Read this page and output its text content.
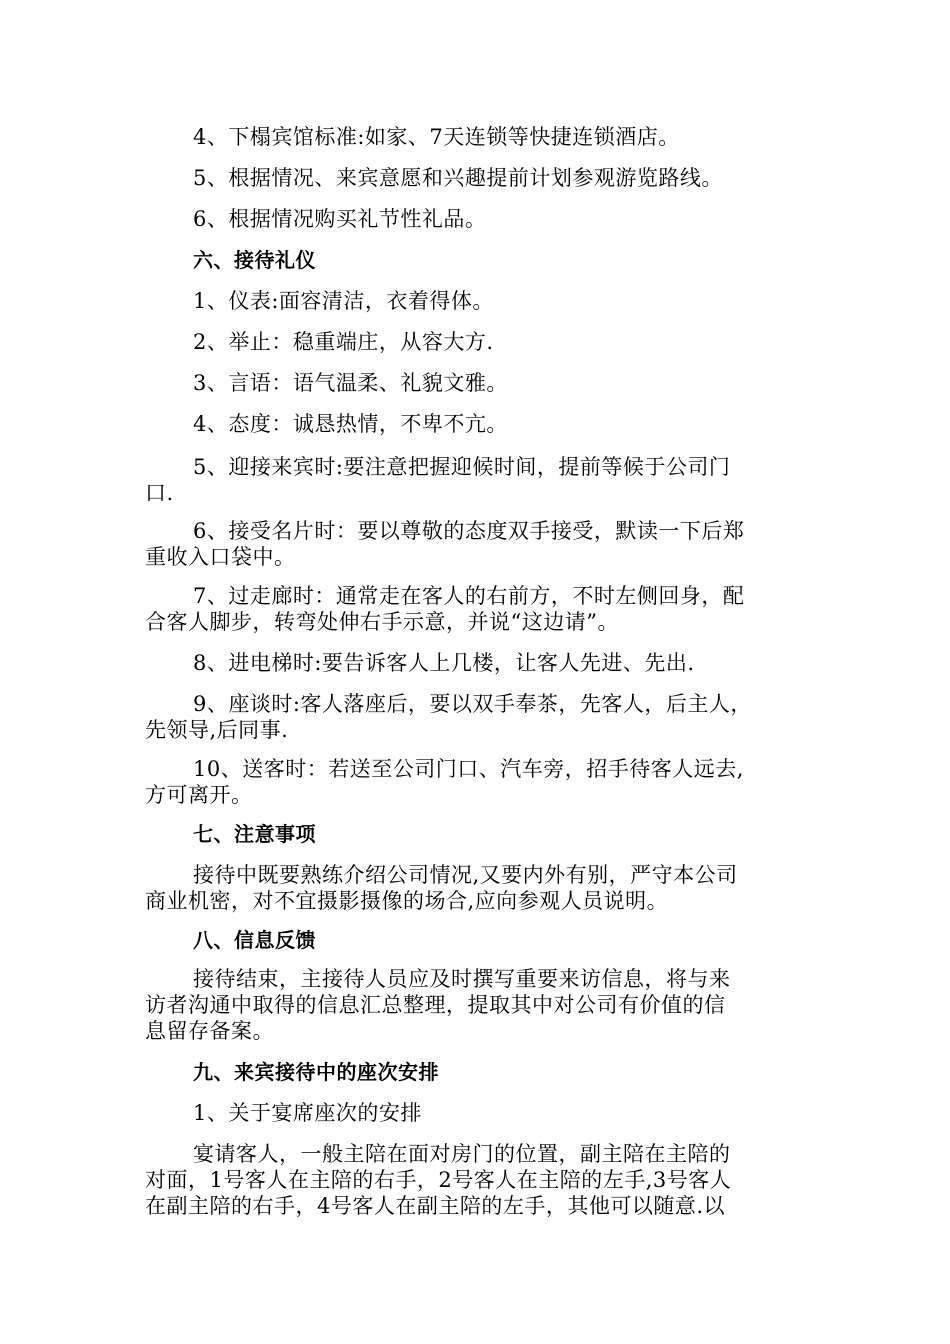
4、下榻宾馆标准:如家、7天连锁等快捷连锁酒店。
5、根据情况、来宾意愿和兴趣提前计划参观游览路线。
6、根据情况购买礼节性礼品。
六、接待礼仪
1、仪表:面容清洁，衣着得体。
2、举止：稳重端庄，从容大方.
3、言语：语气温柔、礼貌文雅。
4、态度：诚恳热情，不卑不亢。
5、迎接来宾时:要注意把握迎候时间，提前等候于公司门
口.
6、接受名片时：要以尊敬的态度双手接受，默读一下后郑
重收入口袋中。
7、过走廊时：通常走在客人的右前方，不时左侧回身，配
合客人脚步，转弯处伸右手示意，并说“这边请”。
8、进电梯时:要告诉客人上几楼，让客人先进、先出.
9、座谈时:客人落座后，要以双手奉茶，先客人，后主人，
先领导,后同事.
10、送客时：若送至公司门口、汽车旁，招手待客人远去,
方可离开。
七、注意事项
接待中既要熟练介绍公司情况,又要内外有别，严守本公司
商业机密，对不宜摄影摄像的场合,应向参观人员说明。
八、信息反馈
接待结束，主接待人员应及时撰写重要来访信息，将与来
访者沟通中取得的信息汇总整理，提取其中对公司有价值的信
息留存备案。
九、来宾接待中的座次安排
1、关于宴席座次的安排
宴请客人，一般主陪在面对房门的位置，副主陪在主陪的
对面，1号客人在主陪的右手，2号客人在主陪的左手,3号客人
在副主陪的右手，4号客人在副主陪的左手，其他可以随意.以
